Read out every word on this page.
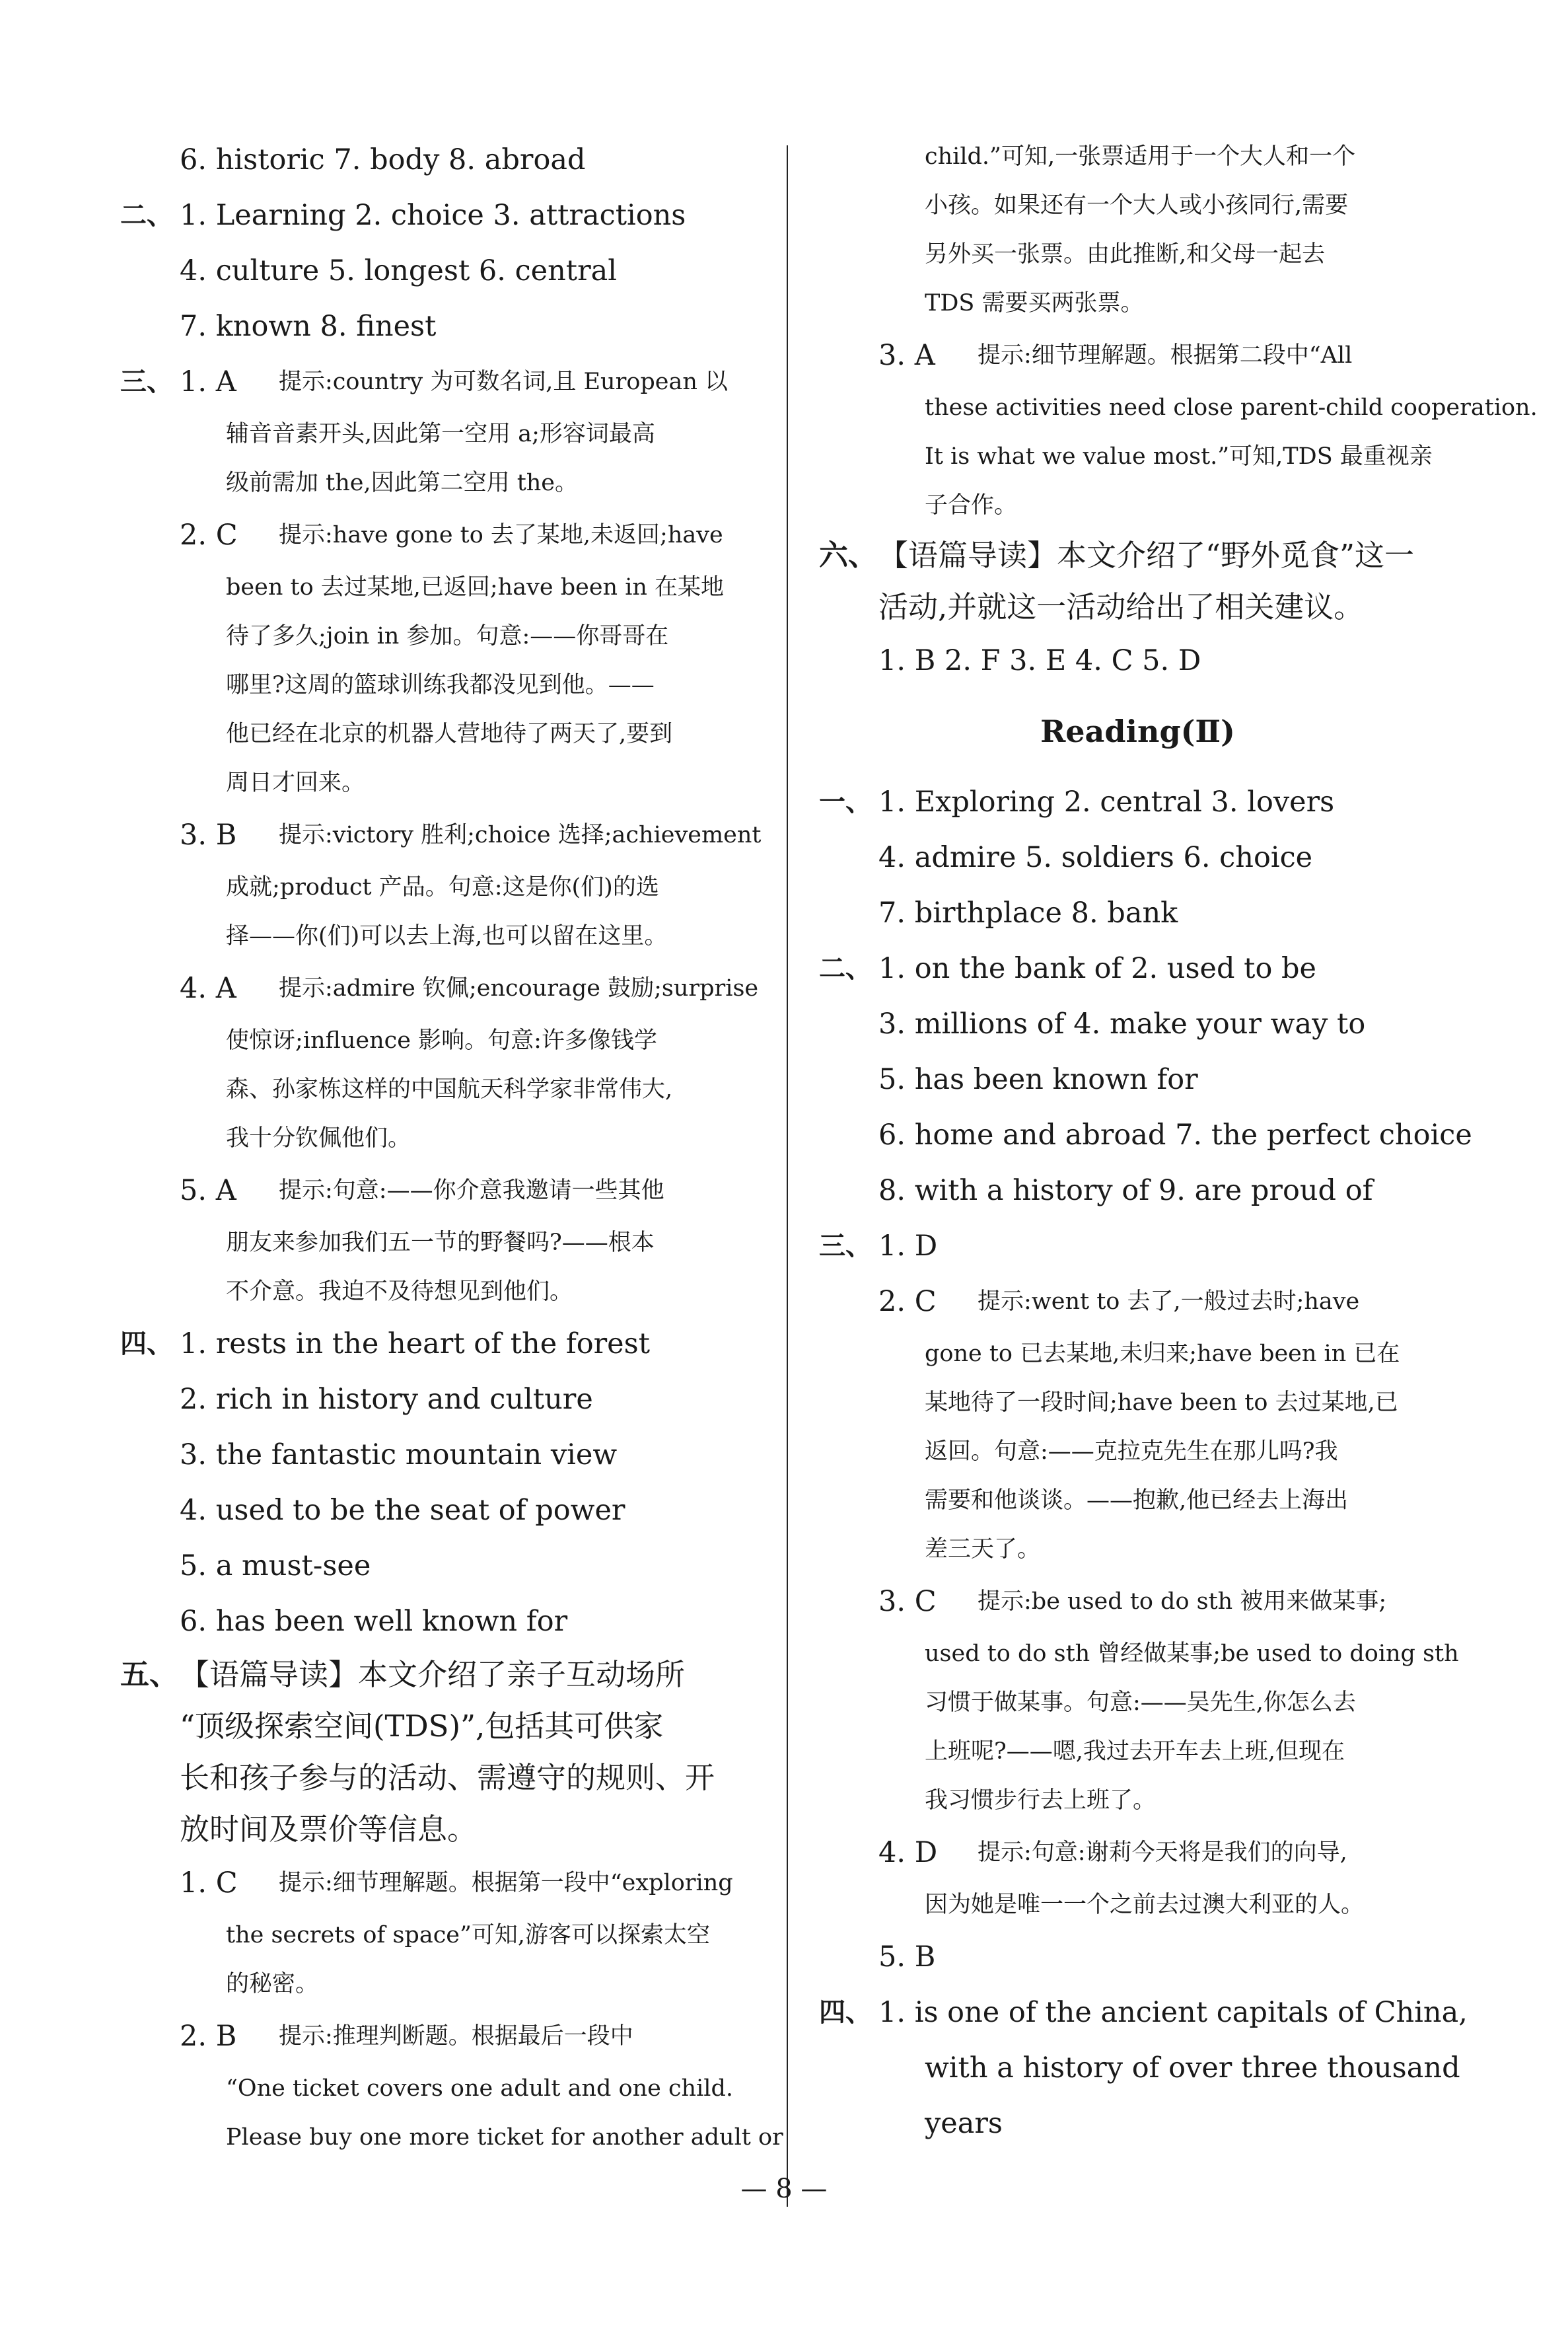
6. historic 7. body 8. abroad
二、 1. Learning 2. choice 3. attractions
4. culture 5. longest 6. central
7. known 8. finest
三、 1. A 提示:country 为可数名词,且 European 以
辅音音素开头,因此第一空用 a;形容词最高
级前需加 the,因此第二空用 the。
2. C 提示:have gone to 去了某地,未返回;have
been to 去过某地,已返回;have been in 在某地
待了多久;join in 参加。句意:——你哥哥在
哪里?这周的篮球训练我都没见到他。——
他已经在北京的机器人营地待了两天了,要到
周日才回来。
3. B 提示:victory 胜利;choice 选择;achievement
成就;product 产品。句意:这是你(们)的选
择——你(们)可以去上海,也可以留在这里。
4. A 提示:admire 钦佩;encourage 鼓励;surprise
使惊讶;influence 影响。句意:许多像钱学
森、孙家栋这样的中国航天科学家非常伟大,
我十分钦佩他们。
5. A 提示:句意:——你介意我邀请一些其他
朋友来参加我们五一节的野餐吗?——根本
不介意。我迫不及待想见到他们。
四、 1. rests in the heart of the forest
2. rich in history and culture
3. the fantastic mountain view
4. used to be the seat of power
5. a must-see
6. has been well known for
五、 【语篇导读】本文介绍了亲子互动场所
“顶级探索空间(TDS)”,包括其可供家
长和孩子参与的活动、需遵守的规则、开
放时间及票价等信息。
1. C 提示:细节理解题。根据第一段中“exploring
the secrets of space”可知,游客可以探索太空
的秘密。
2. B 提示:推理判断题。根据最后一段中
“One ticket covers one adult and one child.
Please buy one more ticket for another adult or
child.”可知,一张票适用于一个大人和一个
小孩。如果还有一个大人或小孩同行,需要
另外买一张票。由此推断,和父母一起去
TDS 需要买两张票。
3. A 提示:细节理解题。根据第二段中“All
these activities need close parent-child cooperation.
It is what we value most.”可知,TDS 最重视亲
子合作。
六、 【语篇导读】本文介绍了“野外觅食”这一
活动,并就这一活动给出了相关建议。
1. B 2. F 3. E 4. C 5. D
Reading(Ⅱ)
一、 1. Exploring 2. central 3. lovers
4. admire 5. soldiers 6. choice
7. birthplace 8. bank
二、 1. on the bank of 2. used to be
3. millions of 4. make your way to
5. has been known for
6. home and abroad 7. the perfect choice
8. with a history of 9. are proud of
三、 1. D
2. C 提示:went to 去了,一般过去时;have
gone to 已去某地,未归来;have been in 已在
某地待了一段时间;have been to 去过某地,已
返回。句意:——克拉克先生在那儿吗?我
需要和他谈谈。——抱歉,他已经去上海出
差三天了。
3. C 提示:be used to do sth 被用来做某事;
used to do sth 曾经做某事;be used to doing sth
习惯于做某事。句意:——吴先生,你怎么去
上班呢?——嗯,我过去开车去上班,但现在
我习惯步行去上班了。
4. D 提示:句意:谢莉今天将是我们的向导,
因为她是唯一一个之前去过澳大利亚的人。
5. B
四、 1. is one of the ancient capitals of China,
with a history of over three thousand
years
— 8 —
